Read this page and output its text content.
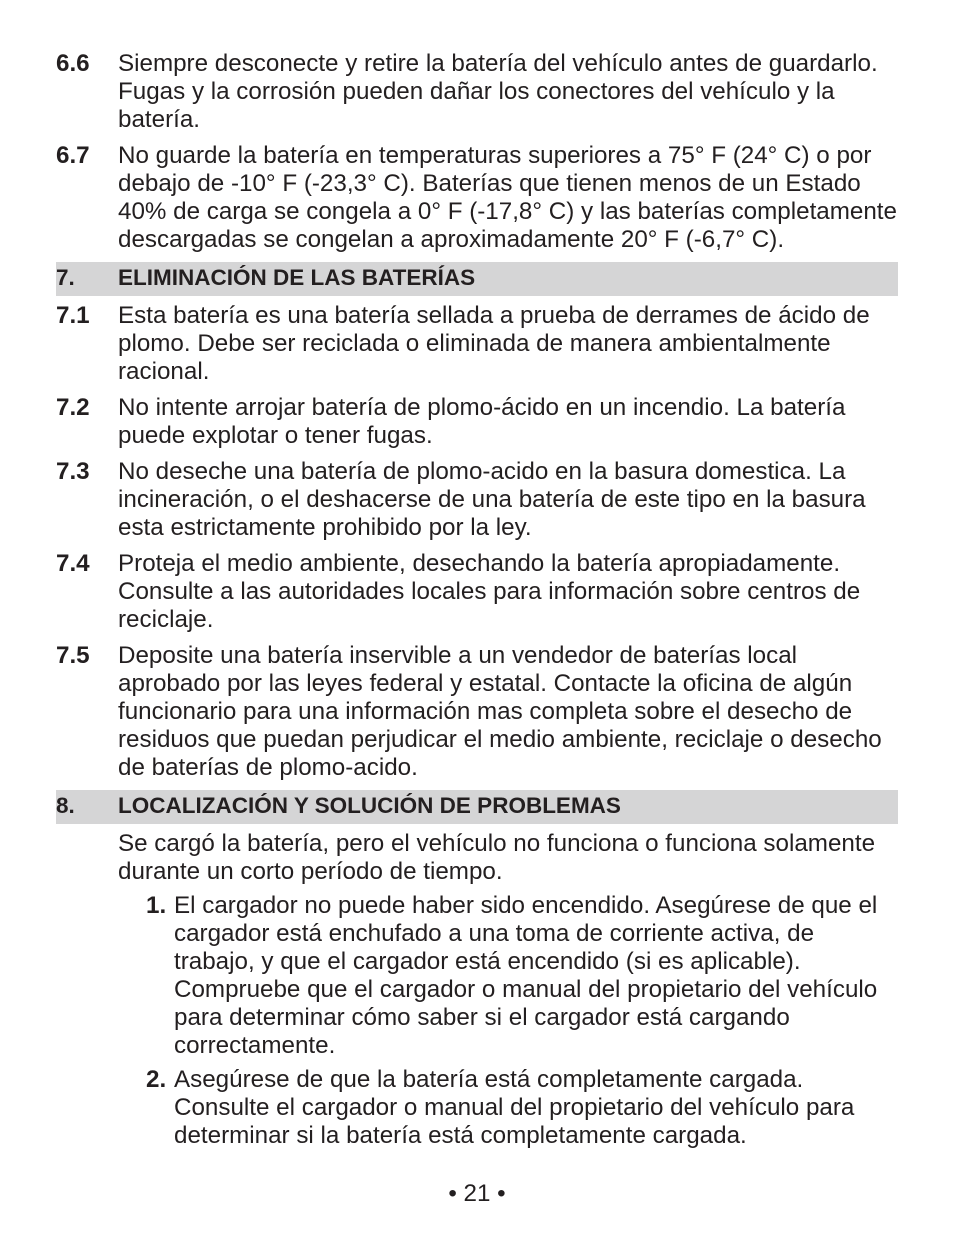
6.6	Siempre desconecte y retire la batería del vehículo antes de guardarlo. Fugas y la corrosión pueden dañar los conectores del vehículo y la batería.
6.7	No guarde la batería en temperaturas superiores a 75° F (24° C) o por debajo de -10° F (-23,3° C). Baterías que tienen menos de un Estado 40% de carga se congela a 0° F (-17,8° C) y las baterías completamente descargadas se congelan a aproximadamente 20° F (-6,7° C).
7.	ELIMINACIÓN DE LAS BATERÍAS
7.1	Esta batería es una batería sellada a prueba de derrames de ácido de plomo. Debe ser reciclada o eliminada de manera ambientalmente racional.
7.2	No intente arrojar batería de plomo-ácido en un incendio. La batería puede explotar o tener fugas.
7.3	No deseche una batería de plomo-acido en la basura domestica. La incineración, o el deshacerse de una batería de este tipo en la basura esta estrictamente prohibido por la ley.
7.4	Proteja el medio ambiente, desechando la batería apropiadamente. Consulte a las autoridades locales para información sobre centros de reciclaje.
7.5	Deposite una batería inservible a un vendedor de baterías local aprobado por las leyes federal y estatal. Contacte la oficina de algún funcionario para una información mas completa sobre el desecho de residuos que puedan perjudicar el medio ambiente, reciclaje o desecho de baterías de plomo-acido.
8.	LOCALIZACIÓN Y SOLUCIÓN DE PROBLEMAS
Se cargó la batería, pero el vehículo no funciona o funciona solamente durante un corto período de tiempo.
1. El cargador no puede haber sido encendido. Asegúrese de que el cargador está enchufado a una toma de corriente activa, de trabajo, y que el cargador está encendido (si es aplicable). Compruebe que el cargador o manual del propietario del vehículo para determinar cómo saber si el cargador está cargando correctamente.
2. Asegúrese de que la batería está completamente cargada. Consulte el cargador o manual del propietario del vehículo para determinar si la batería está completamente cargada.
• 21 •
